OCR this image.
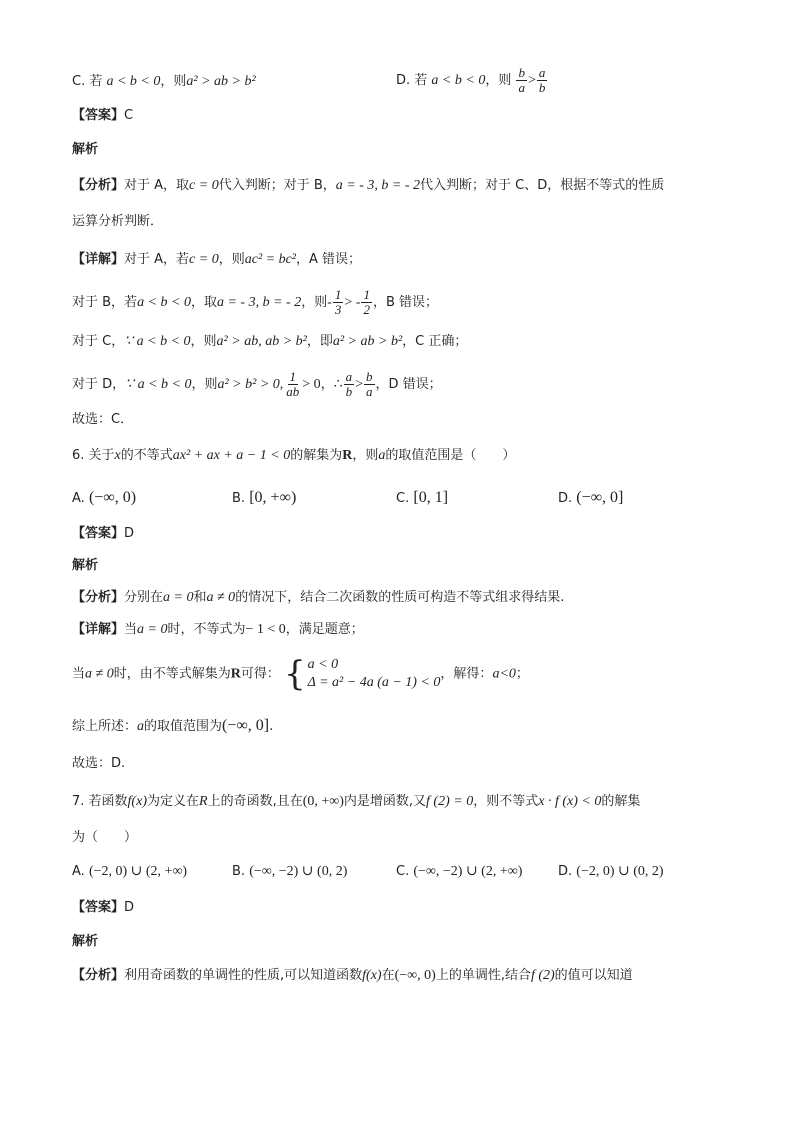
C. 若 a < b < 0，则a² > ab > b²	D. 若 a < b < 0，则 $\frac{b}{a} > \frac{a}{b}$
【答案】C
解析
【分析】对于 A，取c = 0代入判断；对于 B，a = - 3, b = - 2代入判断；对于 C、D，根据不等式的性质
运算分析判断．
【详解】对于 A，若c = 0，则ac² = bc²，A 错误；
对于 B，若a < b < 0，取a = - 3, b = - 2，则- $\frac{1}{3}$ > - $\frac{1}{2}$ ，B 错误；
对于 C，∵ a < b < 0，则a² > ab, ab > b²，即a² > ab > b²，C 正确；
对于 D，∵ a < b < 0，则a² > b² > 0, $\frac{1}{ab} > 0$，∴ $\frac{a}{b} > \frac{b}{a}$ ，D 错误；
故选：C．
6. 关于x的不等式ax² + ax + a − 1 < 0的解集为R，则a的取值范围是（　　）
A. (−∞, 0)	B. [0, +∞)	C. [0, 1]	D. (−∞, 0]
【答案】D
解析
【分析】分别在a = 0和a ≠ 0的情况下，结合二次函数的性质可构造不等式组求得结果.
【详解】当a = 0时，不等式为− 1 < 0，满足题意；
当a ≠ 0时，由不等式解集为R可得： { a < 0
Δ = a² − 4a (a − 1) < 0
，解得：a<0；
综上所述：a的取值范围为(−∞, 0].
故选：D.
7. 若函数f(x)为定义在R上的奇函数,且在(0, +∞)内是增函数,又f (2) = 0，则不等式x · f (x) < 0的解集
为（　　）
A. (−2, 0) ∪ (2, +∞)	B. (−∞, −2) ∪ (0, 2)	C. (−∞, −2) ∪ (2, +∞)	D. (−2, 0) ∪ (0, 2)
【答案】D
解析
【分析】利用奇函数的单调性的性质,可以知道函数f(x)在(−∞, 0)上的单调性,结合f (2)的值可以知道
